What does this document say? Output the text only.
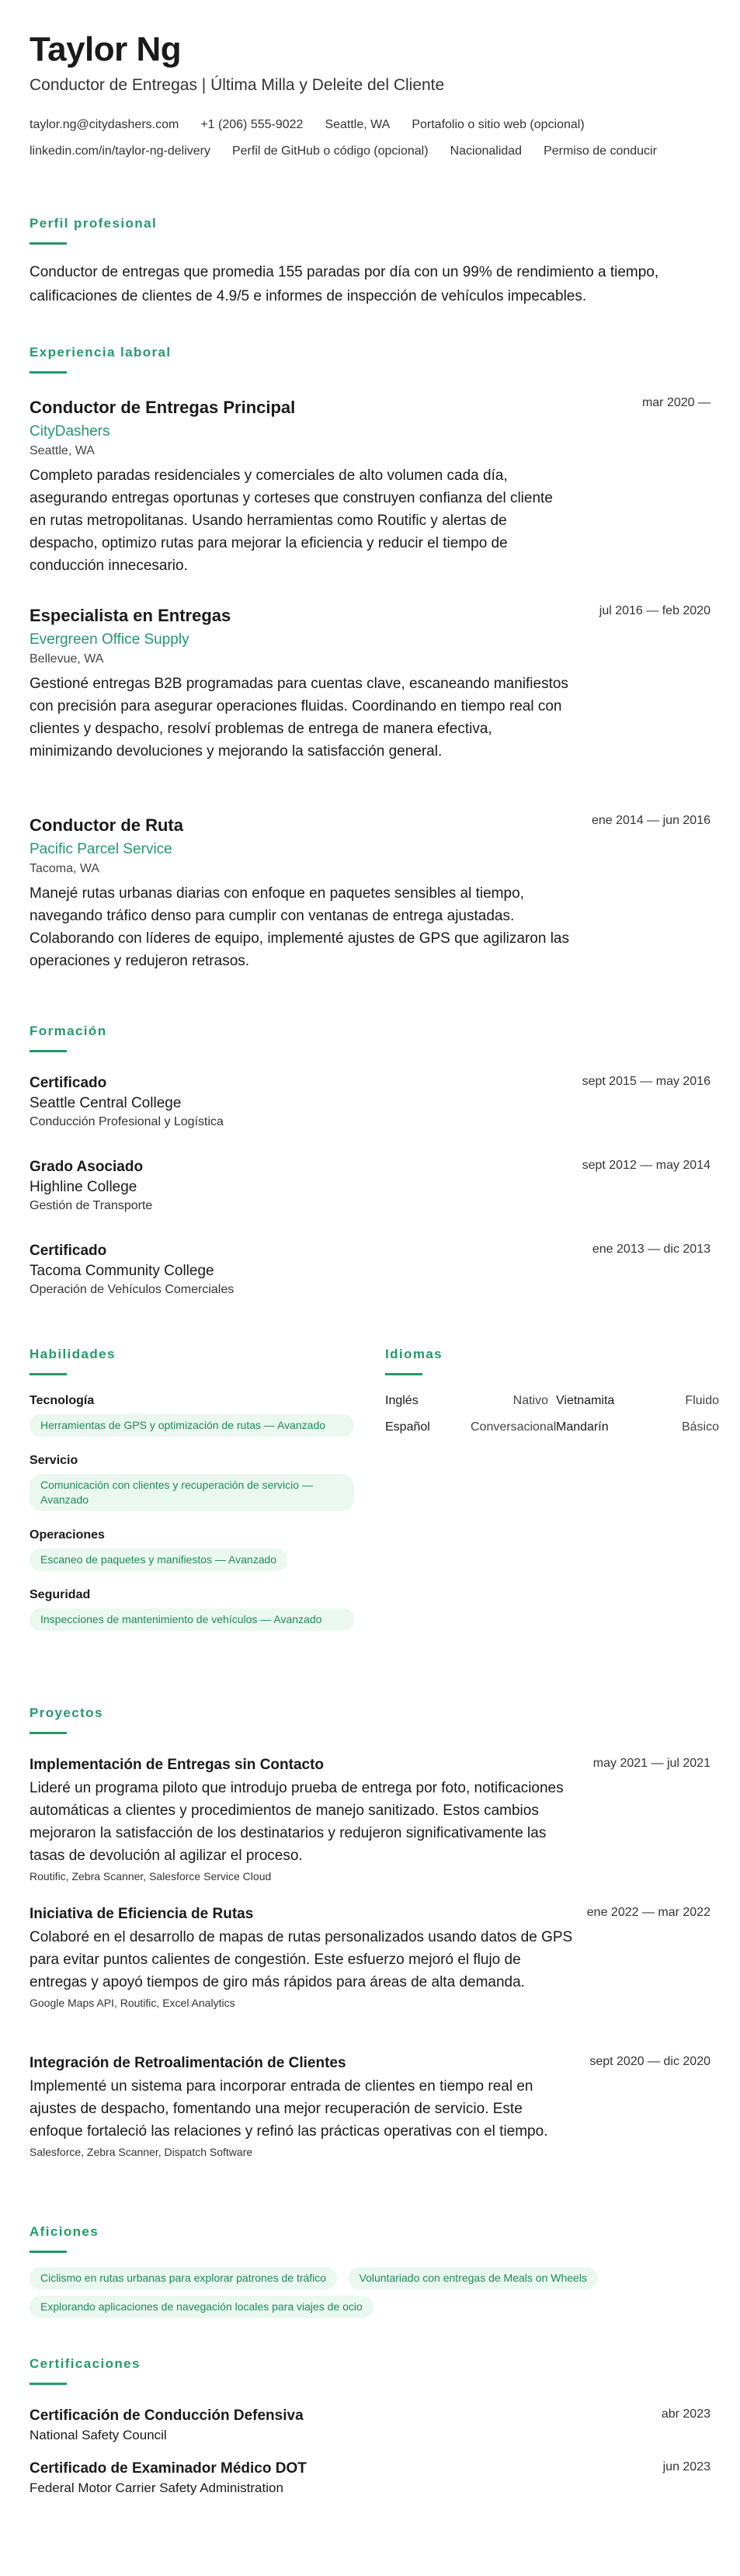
Taylor Ng
Conductor de Entregas | Última Milla y Deleite del Cliente
taylor.ng@citydashers.com +1 (206) 555-9022 Seattle, WA Portafolio o sitio web (opcional)
linkedin.com/in/taylor-ng-delivery Perfil de GitHub o código (opcional) Nacionalidad Permiso de conducir
Perfil profesional
Conductor de entregas que promedia 155 paradas por día con un 99% de rendimiento a tiempo, calificaciones de clientes de 4.9/5 e informes de inspección de vehículos impecables.
Experiencia laboral
mar 2020 —
Conductor de Entregas Principal
CityDashers
Seattle, WA
Completo paradas residenciales y comerciales de alto volumen cada día, asegurando entregas oportunas y corteses que construyen confianza del cliente en rutas metropolitanas. Usando herramientas como Routific y alertas de despacho, optimizo rutas para mejorar la eficiencia y reducir el tiempo de conducción innecesario.
jul 2016 — feb 2020
Especialista en Entregas
Evergreen Office Supply
Bellevue, WA
Gestioné entregas B2B programadas para cuentas clave, escaneando manifiestos con precisión para asegurar operaciones fluidas. Coordinando en tiempo real con clientes y despacho, resolví problemas de entrega de manera efectiva, minimizando devoluciones y mejorando la satisfacción general.
ene 2014 — jun 2016
Conductor de Ruta
Pacific Parcel Service
Tacoma, WA
Manejé rutas urbanas diarias con enfoque en paquetes sensibles al tiempo, navegando tráfico denso para cumplir con ventanas de entrega ajustadas. Colaborando con líderes de equipo, implementé ajustes de GPS que agilizaron las operaciones y redujeron retrasos.
Formación
sept 2015 — may 2016
Certificado
Seattle Central College
Conducción Profesional y Logística
sept 2012 — may 2014
Grado Asociado
Highline College
Gestión de Transporte
ene 2013 — dic 2013
Certificado
Tacoma Community College
Operación de Vehículos Comerciales
Habilidades
Tecnología
Herramientas de GPS y optimización de rutas — Avanzado
Servicio
Comunicación con clientes y recuperación de servicio — Avanzado
Operaciones
Escaneo de paquetes y manifiestos — Avanzado
Seguridad
Inspecciones de mantenimiento de vehículos — Avanzado
Idiomas
Inglés	Nativo Vietnamita	Fluido
Español	Conversacional Mandarín	Básico
Proyectos
may 2021 — jul 2021
Implementación de Entregas sin Contacto
Lideré un programa piloto que introdujo prueba de entrega por foto, notificaciones automáticas a clientes y procedimientos de manejo sanitizado. Estos cambios mejoraron la satisfacción de los destinatarios y redujeron significativamente las tasas de devolución al agilizar el proceso.
Routific, Zebra Scanner, Salesforce Service Cloud
ene 2022 — mar 2022
Iniciativa de Eficiencia de Rutas
Colaboré en el desarrollo de mapas de rutas personalizados usando datos de GPS para evitar puntos calientes de congestión. Este esfuerzo mejoró el flujo de entregas y apoyó tiempos de giro más rápidos para áreas de alta demanda.
Google Maps API, Routific, Excel Analytics
sept 2020 — dic 2020
Integración de Retroalimentación de Clientes
Implementé un sistema para incorporar entrada de clientes en tiempo real en ajustes de despacho, fomentando una mejor recuperación de servicio. Este enfoque fortaleció las relaciones y refinó las prácticas operativas con el tiempo.
Salesforce, Zebra Scanner, Dispatch Software
Aficiones
Ciclismo en rutas urbanas para explorar patrones de tráfico	Voluntariado con entregas de Meals on Wheels
Explorando aplicaciones de navegación locales para viajes de ocio
Certificaciones
abr 2023
Certificación de Conducción Defensiva
National Safety Council
jun 2023
Certificado de Examinador Médico DOT
Federal Motor Carrier Safety Administration
